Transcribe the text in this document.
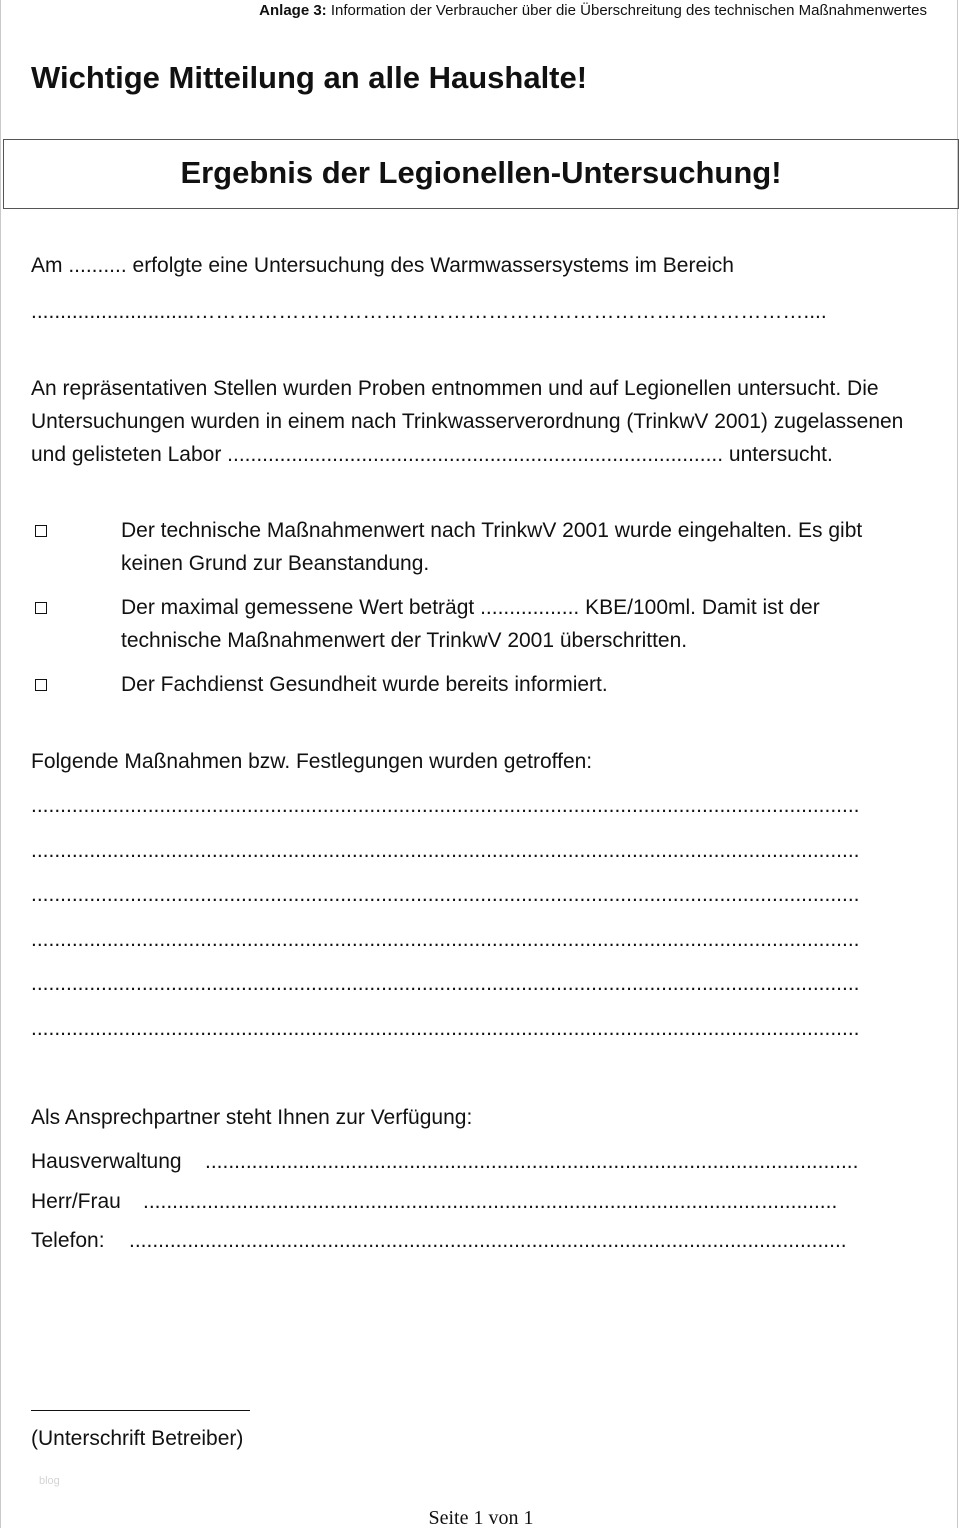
Anlage 3: Information der Verbraucher über die Überschreitung des technischen Maßnahmenwertes
Wichtige Mitteilung an alle Haushalte!
Ergebnis der Legionellen-Untersuchung!
Am .......... erfolgte eine Untersuchung des Warmwassersystems im Bereich
............................……………………………………………………………………………....
An repräsentativen Stellen wurden Proben entnommen und auf Legionellen untersucht. Die Untersuchungen wurden in einem nach Trinkwasserverordnung (TrinkwV 2001) zugelassenen und gelisteten Labor ..................................................................................... untersucht.
Der technische Maßnahmenwert nach TrinkwV 2001 wurde eingehalten. Es gibt keinen Grund zur Beanstandung.
Der maximal gemessene Wert beträgt ................. KBE/100ml. Damit ist der technische Maßnahmenwert der TrinkwV 2001 überschritten.
Der Fachdienst Gesundheit wurde bereits informiert.
Folgende Maßnahmen bzw. Festlegungen wurden getroffen:
..............................................................................................................................................
..............................................................................................................................................
..............................................................................................................................................
..............................................................................................................................................
..............................................................................................................................................
..............................................................................................................................................
Als Ansprechpartner steht Ihnen zur Verfügung:
Hausverwaltung ................................................................................................................
Herr/Frau .......................................................................................................................
Telefon: ...........................................................................................................................
(Unterschrift Betreiber)
blog
Seite 1 von 1
